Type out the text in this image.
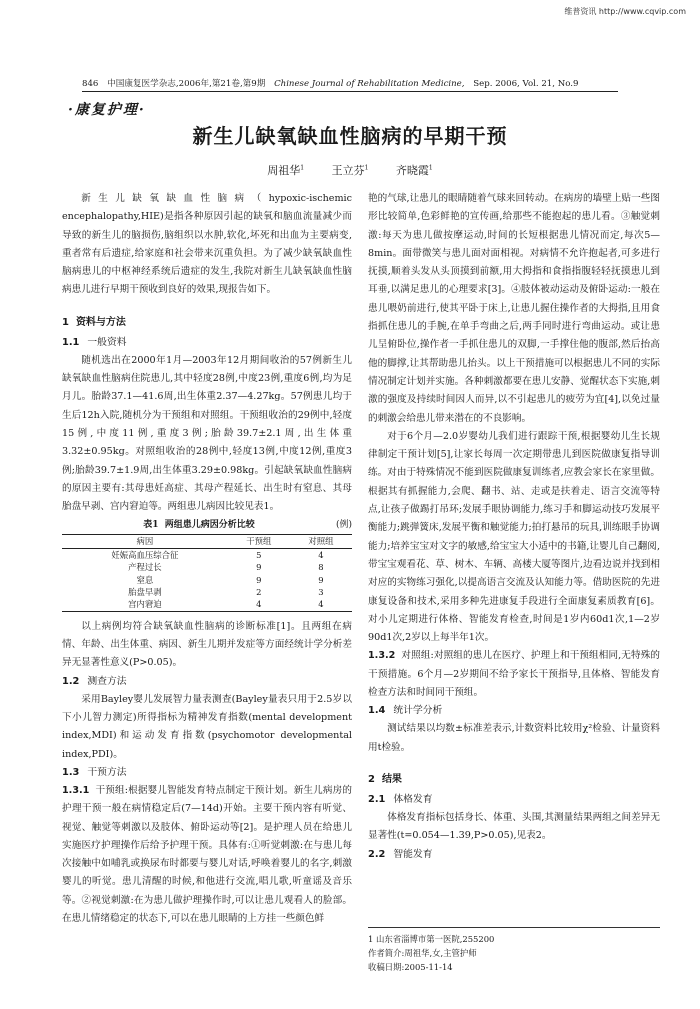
维普资讯 http://www.cqvip.com
846 中国康复医学杂志,2006年,第21卷,第9期 Chinese Journal of Rehabilitation Medicine, Sep. 2006, Vol. 21, No.9
·康复护理·
新生儿缺氧缺血性脑病的早期干预
周祖华$^1$	王立芬$^1$	齐晓霞$^1$

新生儿缺氧缺血性脑病（hypoxic-ischemic encephalopathy,HIE)是指各种原因引起的缺氧和脑血流量减少而导致的新生儿的脑损伤,脑组织以水肿,软化,坏死和出血为主要病变,重者常有后遗症,给家庭和社会带来沉重负担。为了减少缺氧缺血性脑病患儿的中枢神经系统后遗症的发生,我院对新生儿缺氧缺血性脑病患儿进行早期干预收到良好的效果,现报告如下。

1 资料与方法
1.1 一般资料

随机选出在2000年1月—2003年12月期间收治的57例新生儿缺氧缺血性脑病住院患儿,其中轻度28例,中度23例,重度6例,均为足月儿。胎龄37.1—41.6周,出生体重2.37—4.27kg。57例患儿均于生后12h入院,随机分为干预组和对照组。干预组收治的29例中,轻度15例,中度11例,重度3例;胎龄39.7±2.1周,出生体重3.32±0.95kg。对照组收治的28例中,轻度13例,中度12例,重度3例;胎龄39.7±1.9周,出生体重3.29±0.98kg。引起缺氧缺血性脑病的原因主要有:其母患妊高症、其母产程延长、出生时有窒息、其母胎盘早剥、宫内窘迫等。两组患儿病因比较见表1。

表1 两组患儿病因分析比较	(例)
病因	干预组	对照组
妊娠高血压综合征	5	4
产程过长	9	8
窒息	9	9
胎盘早剥	2	3
宫内窘迫	4	4

以上病例均符合缺氧缺血性脑病的诊断标准[1]。且两组在病情、年龄、出生体重、病因、新生儿期并发症等方面经统计学分析差异无显著性意义(P>0.05)。

1.2 测查方法

采用Bayley婴儿发展智力量表测查(Bayley量表只用于2.5岁以下小儿智力测定)所得指标为精神发育指数(mental development index,MDI)和运动发育指数(psychomotor developmental index,PDI)。

1.3 干预方法

1.3.1 干预组:根据婴儿智能发育特点制定干预计划。新生儿病房的护理干预一般在病情稳定后(7—14d)开始。主要干预内容有听觉、视觉、触觉等刺激以及肢体、俯卧运动等[2]。是护理人员在给患儿实施医疗护理操作后给予护理干预。具体有:①听觉刺激:在与患儿每次接触中如哺乳或换尿布时都要与婴儿对话,呼唤着婴儿的名字,刺激婴儿的听觉。患儿清醒的时候,和他进行交流,唱儿歌,听童谣及音乐等。②视觉刺激:在为患儿做护理操作时,可以让患儿观看人的脸部。在患儿情绪稳定的状态下,可以在患儿眼睛的上方挂一些颜色鲜

艳的气球,让患儿的眼睛随着气球来回转动。在病房的墙壁上贴一些图形比较简单,色彩鲜艳的宣传画,给那些不能抱起的患儿看。③触觉刺激:每天为患儿做按摩运动,时间的长短根据患儿情况而定,每次5—8min。面带微笑与患儿面对面相视。对病情不允许抱起者,可多进行抚摸,顺着头发从头顶摸到前额,用大拇指和食指指腹轻轻抚摸患儿到耳垂,以满足患儿的心理要求[3]。④肢体被动运动及俯卧运动:一般在患儿喂奶前进行,使其平卧于床上,让患儿握住操作者的大拇指,且用食指抓住患儿的手腕,在单手弯曲之后,两手同时进行弯曲运动。或让患儿呈俯卧位,操作者一手抓住患儿的双脚,一手撑住他的腹部,然后抬高他的脚撑,让其帮助患儿抬头。以上干预措施可以根据患儿不同的实际情况制定计划并实施。各种刺激都要在患儿安静、觉醒状态下实施,刺激的强度及持续时间因人而异,以不引起患儿的疲劳为宜[4],以免过量的刺激会给患儿带来潜在的不良影响。

对于6个月—2.0岁婴幼儿我们进行跟踪干预,根据婴幼儿生长规律制定干预计划[5],让家长每周一次定期带患儿到医院做康复指导训练。对由于特殊情况不能到医院做康复训练者,应教会家长在家里做。根据其有抓握能力,会爬、翻书、站、走或是扶着走、语言交流等特点,让孩子做踢打吊环;发展手眼协调能力,练习手和脚运动技巧发展平衡能力;跳弹簧床,发展平衡和触觉能力;拍打悬吊的玩具,训练眼手协调能力;培养宝宝对文字的敏感,给宝宝大小适中的书籍,让婴儿自己翻阅,带宝宝观看花、草、树木、车辆、高楼大厦等图片,边看边说并找到相对应的实物练习强化,以提高语言交流及认知能力等。借助医院的先进康复设备和技术,采用多种先进康复手段进行全面康复素质教育[6]。对小儿定期进行体格、智能发育检查,时间是1岁内60d1次,1—2岁90d1次,2岁以上每半年1次。

1.3.2 对照组:对照组的患儿在医疗、护理上和干预组相同,无特殊的干预措施。6个月—2岁期间不给予家长干预指导,且体格、智能发育检查方法和时间同干预组。

1.4 统计学分析

测试结果以均数±标准差表示,计数资料比较用χ²检验、计量资料用t检验。

2 结果
2.1 体格发育

体格发育指标包括身长、体重、头围,其测量结果两组之间差异无显著性(t=0.054—1.39,P>0.05),见表2。

2.2 智能发育
1 山东省淄博市第一医院,255200
作者简介:周祖华,女,主管护师
收稿日期:2005-11-14
